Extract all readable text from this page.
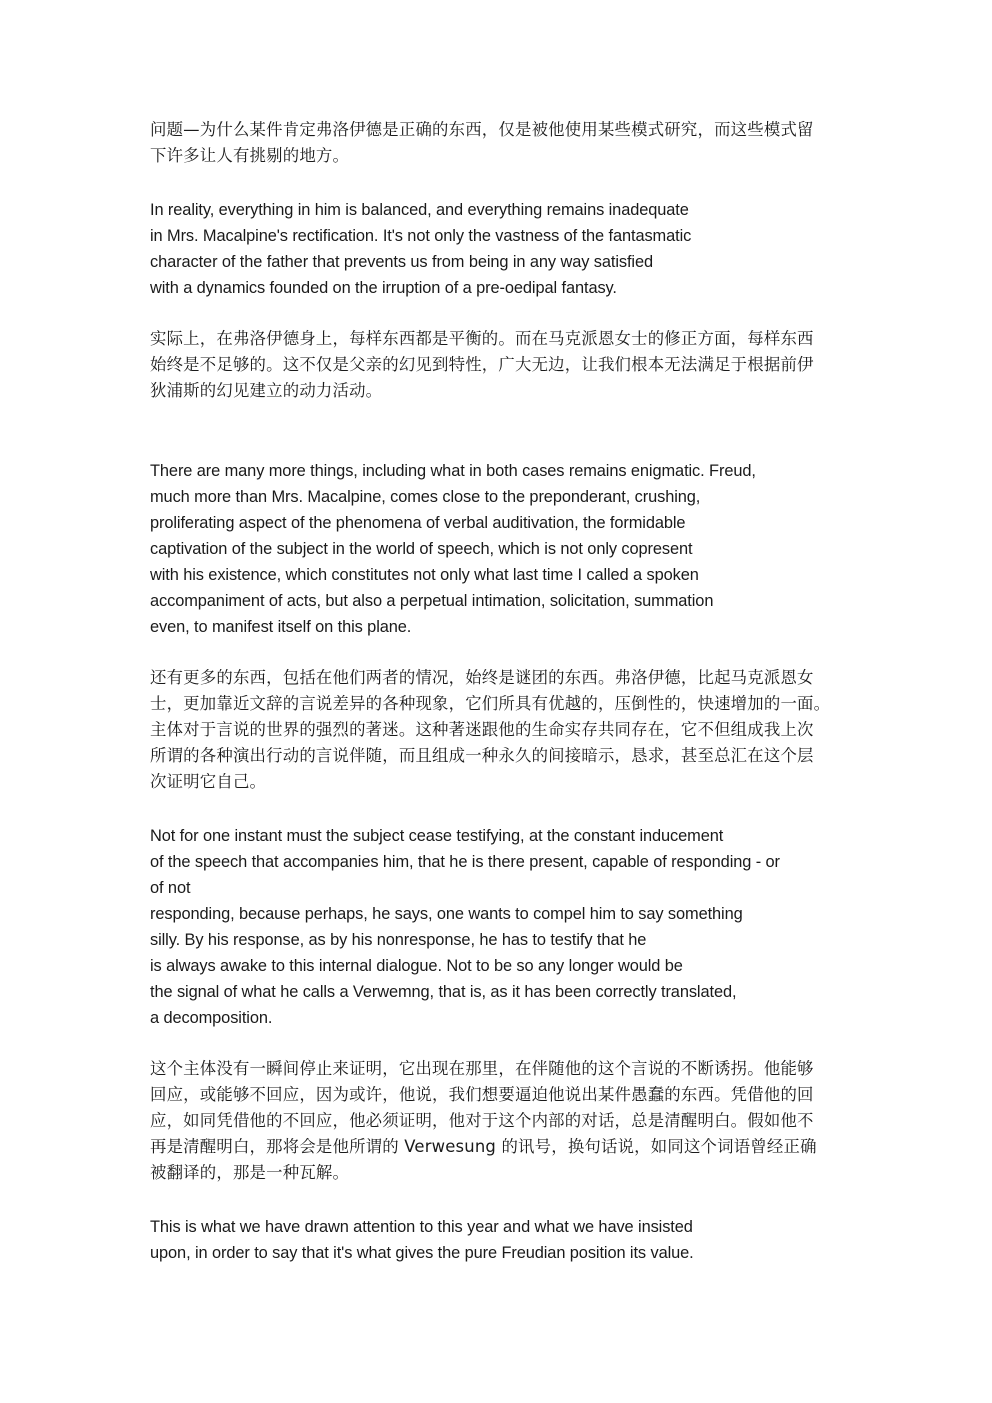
问题—为什么某件肯定弗洛伊德是正确的东西，仅是被他使用某些模式研究，而这些模式留
下许多让人有挑剔的地方。

In reality, everything in him is balanced, and everything remains inadequate
in Mrs. Macalpine's rectification. It's not only the vastness of the fantasmatic
character of the father that prevents us from being in any way satisfied
with a dynamics founded on the irruption of a pre-oedipal fantasy.

实际上，在弗洛伊德身上，每样东西都是平衡的。而在马克派恩女士的修正方面，每样东西
始终是不足够的。这不仅是父亲的幻见到特性，广大无边，让我们根本无法满足于根据前伊
狄浦斯的幻见建立的动力活动。

There are many more things, including what in both cases remains enigmatic. Freud,
much more than Mrs. Macalpine, comes close to the preponderant, crushing,
proliferating aspect of the phenomena of verbal auditivation, the formidable
captivation of the subject in the world of speech, which is not only copresent
with his existence, which constitutes not only what last time I called a spoken
accompaniment of acts, but also a perpetual intimation, solicitation, summation
even, to manifest itself on this plane.

还有更多的东西，包括在他们两者的情况，始终是谜团的东西。弗洛伊德，比起马克派恩女
士，更加靠近文辞的言说差异的各种现象，它们所具有优越的，压倒性的，快速增加的一面。
主体对于言说的世界的强烈的著迷。这种著迷跟他的生命实存共同存在，它不但组成我上次
所谓的各种演出行动的言说伴随，而且组成一种永久的间接暗示，恳求，甚至总汇在这个层
次证明它自己。

Not for one instant must the subject cease testifying, at the constant inducement
of the speech that accompanies him, that he is there present, capable of responding - or
of not
responding, because perhaps, he says, one wants to compel him to say something
silly. By his response, as by his nonresponse, he has to testify that he
is always awake to this internal dialogue. Not to be so any longer would be
the signal of what he calls a Verwemng, that is, as it has been correctly translated,
a decomposition.

这个主体没有一瞬间停止来证明，它出现在那里，在伴随他的这个言说的不断诱拐。他能够
回应，或能够不回应，因为或许，他说，我们想要逼迫他说出某件愚蠢的东西。凭借他的回
应，如同凭借他的不回应，他必须证明，他对于这个内部的对话，总是清醒明白。假如他不
再是清醒明白，那将会是他所谓的 Verwesung 的讯号，换句话说，如同这个词语曾经正确
被翻译的，那是一种瓦解。

This is what we have drawn attention to this year and what we have insisted
upon, in order to say that it's what gives the pure Freudian position its value.
